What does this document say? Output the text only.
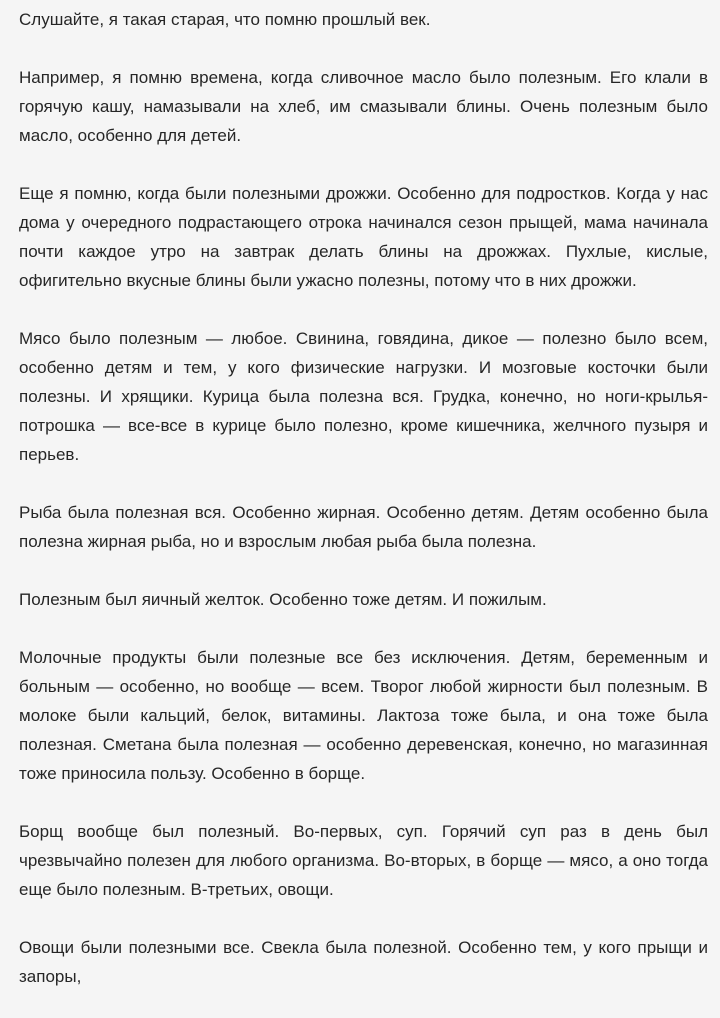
Слушайте, я такая старая, что помню прошлый век.

Например, я помню времена, когда сливочное масло было полезным. Его клали в горячую кашу, намазывали на хлеб, им смазывали блины. Очень полезным было масло, особенно для детей.

Еще я помню, когда были полезными дрожжи. Особенно для подростков. Когда у нас дома у очередного подрастающего отрока начинался сезон прыщей, мама начинала почти каждое утро на завтрак делать блины на дрожжах. Пухлые, кислые, офигительно вкусные блины были ужасно полезны, потому что в них дрожжи.

Мясо было полезным — любое. Свинина, говядина, дикое — полезно было всем, особенно детям и тем, у кого физические нагрузки. И мозговые косточки были полезны. И хрящики. Курица была полезна вся. Грудка, конечно, но ноги-крылья-потрошка — все-все в курице было полезно, кроме кишечника, желчного пузыря и перьев.

Рыба была полезная вся. Особенно жирная. Особенно детям. Детям особенно была полезна жирная рыба, но и взрослым любая рыба была полезна.

Полезным был яичный желток. Особенно тоже детям. И пожилым.

Молочные продукты были полезные все без исключения. Детям, беременным и больным — особенно, но вообще — всем. Творог любой жирности был полезным. В молоке были кальций, белок, витамины. Лактоза тоже была, и она тоже была полезная. Сметана была полезная — особенно деревенская, конечно, но магазинная тоже приносила пользу. Особенно в борще.

Борщ вообще был полезный. Во-первых, суп. Горячий суп раз в день был чрезвычайно полезен для любого организма. Во-вторых, в борще — мясо, а оно тогда еще было полезным. В-третьих, овощи.

Овощи были полезными все. Свекла была полезной. Особенно тем, у кого прыщи и запоры,
